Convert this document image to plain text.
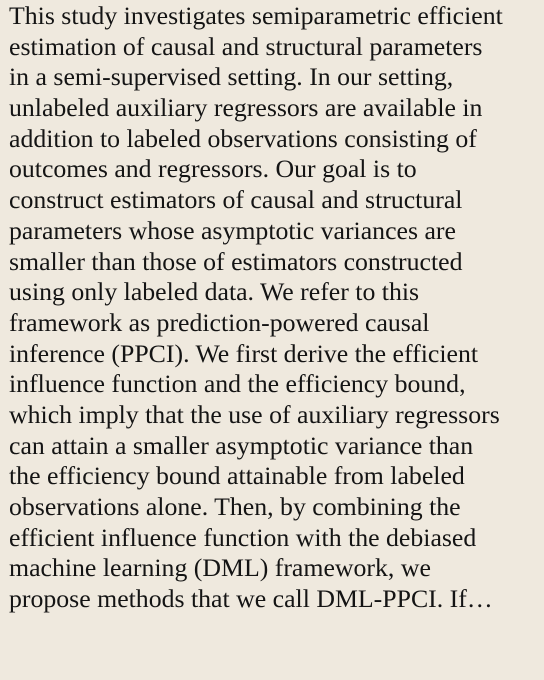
This study investigates semiparametric efficient
estimation of causal and structural parameters
in a semi-supervised setting. In our setting,
unlabeled auxiliary regressors are available in
addition to labeled observations consisting of
outcomes and regressors. Our goal is to
construct estimators of causal and structural
parameters whose asymptotic variances are
smaller than those of estimators constructed
using only labeled data. We refer to this
framework as prediction-powered causal
inference (PPCI). We first derive the efficient
influence function and the efficiency bound,
which imply that the use of auxiliary regressors
can attain a smaller asymptotic variance than
the efficiency bound attainable from labeled
observations alone. Then, by combining the
efficient influence function with the debiased
machine learning (DML) framework, we
propose methods that we call DML-PPCI. If…
